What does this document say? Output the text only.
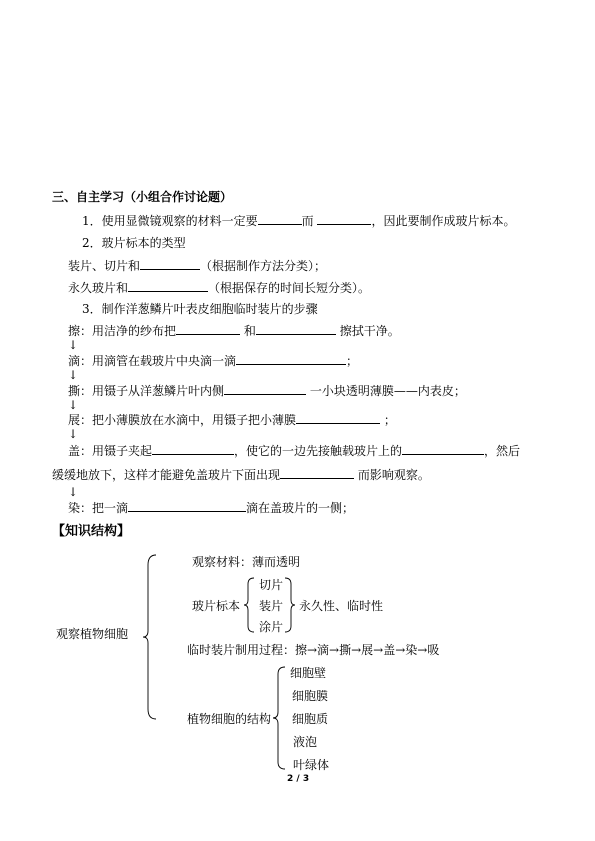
三、自主学习（小组合作讨论题）
1．使用显微镜观察的材料一定要	而	，因此要制作成玻片标本。
2．玻片标本的类型
装片、切片和	（根据制作方法分类）；
永久玻片和	（根据保存的时间长短分类）。
3．制作洋葱鳞片叶表皮细胞临时装片的步骤
擦：用洁净的纱布把	和	擦拭干净。
↓
滴：用滴管在载玻片中央滴一滴	；
↓
撕：用镊子从洋葱鳞片叶内侧	一小块透明薄膜——内表皮；
↓
展：把小薄膜放在水滴中，用镊子把小薄膜	；
↓
盖：用镊子夹起	，使它的一边先接触载玻片上的	，然后
缓缓地放下，这样才能避免盖玻片下面出现	而影响观察。
↓
染：把一滴	滴在盖玻片的一侧；
【知识结构】
观察植物细胞
观察材料：薄而透明
玻片标本
切片
装片
涂片
永久性、临时性
临时装片制用过程：擦→滴→撕→展→盖→染→吸
植物细胞的结构
细胞壁
细胞膜
细胞质
液泡
叶绿体
2 / 3
